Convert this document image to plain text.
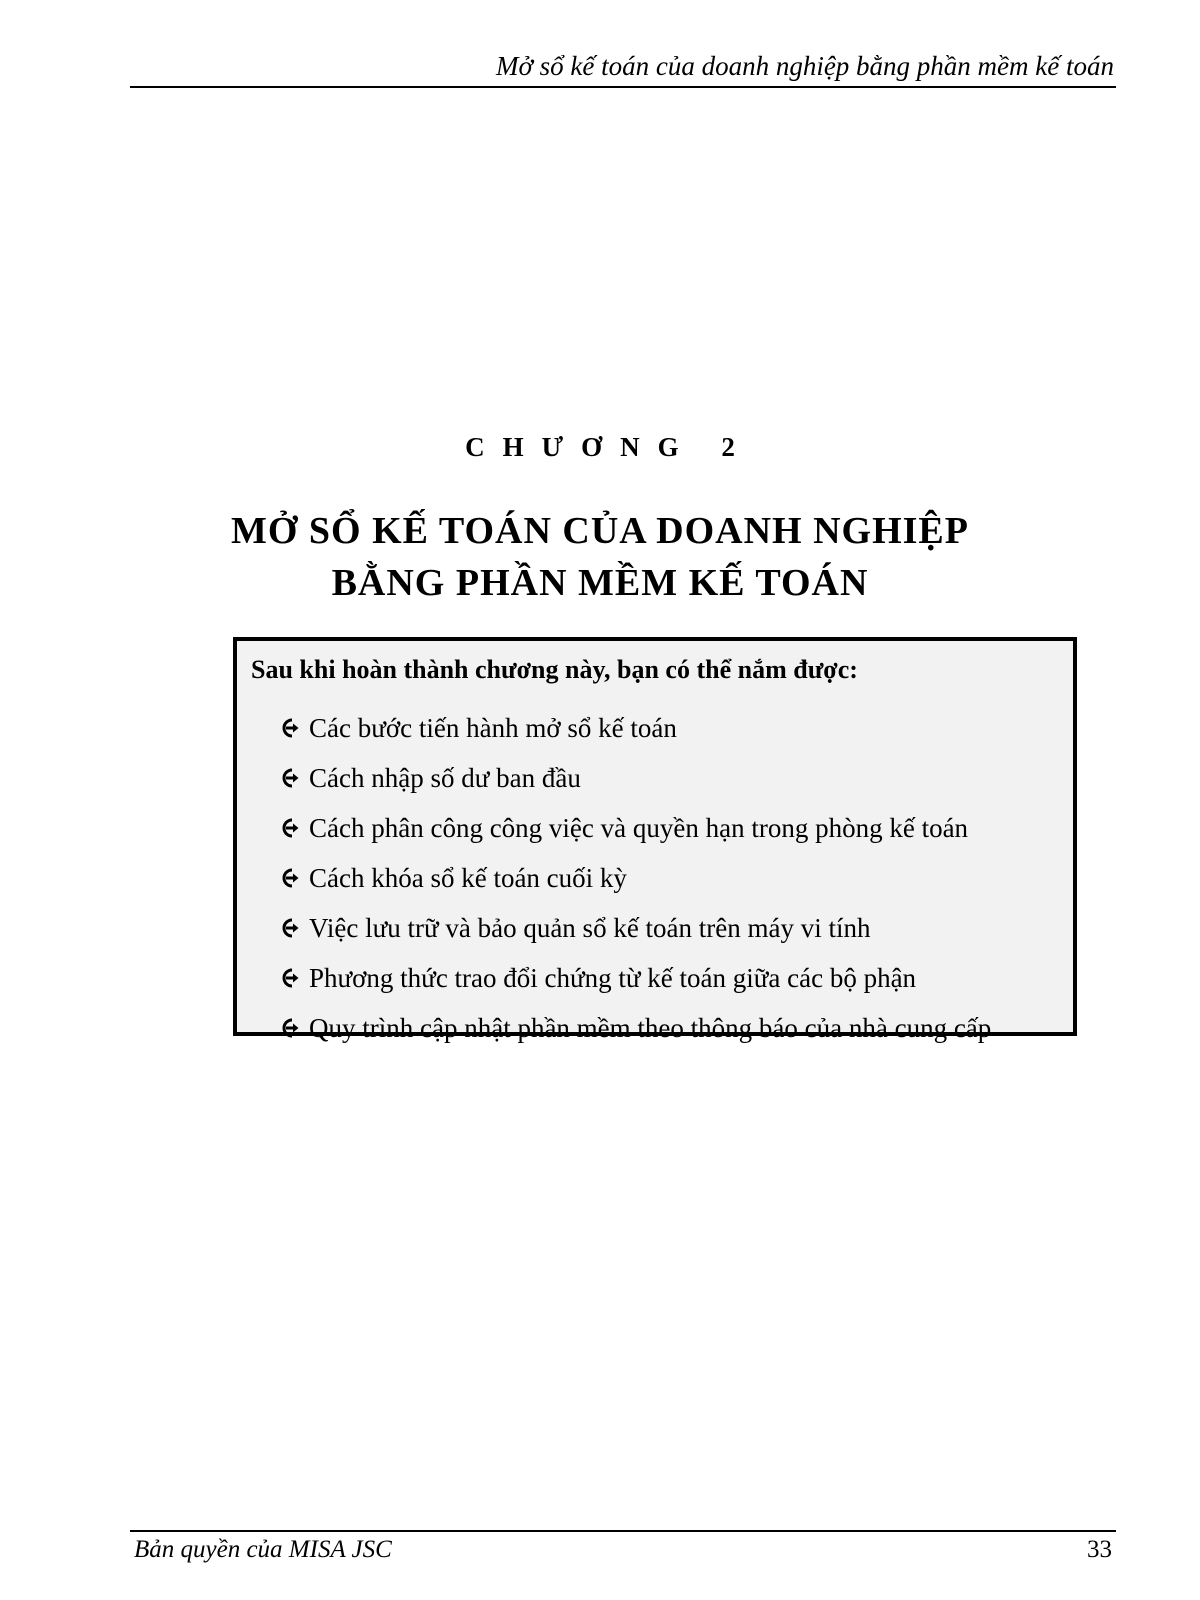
Mở sổ kế toán của doanh nghiệp bằng phần mềm kế toán
CHƯƠNG 2
MỞ SỔ KẾ TOÁN CỦA DOANH NGHIỆP
BẰNG PHẦN MỀM KẾ TOÁN
Sau khi hoàn thành chương này, bạn có thể nắm được:
Các bước tiến hành mở sổ kế toán
Cách nhập số dư ban đầu
Cách phân công công việc và quyền hạn trong phòng kế toán
Cách khóa sổ kế toán cuối kỳ
Việc lưu trữ và bảo quản sổ kế toán trên máy vi tính
Phương thức trao đổi chứng từ kế toán giữa các bộ phận
Quy trình cập nhật phần mềm theo thông báo của nhà cung cấp
Bản quyền của MISA JSC	33
